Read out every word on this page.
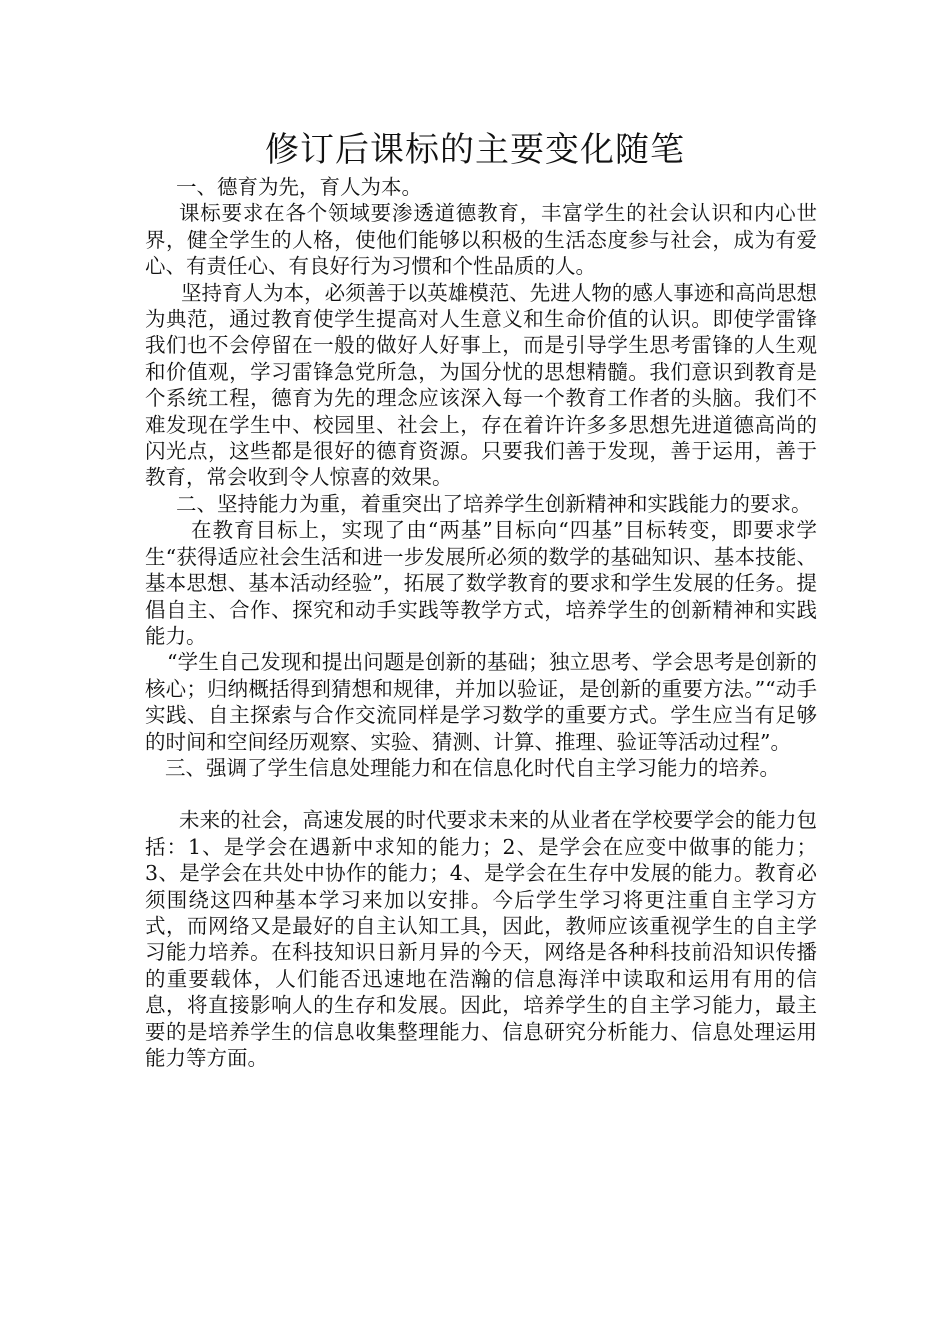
修订后课标的主要变化随笔

一、德育为先，育人为本。

课标要求在各个领域要渗透道德教育，丰富学生的社会认识和内心世界，健全学生的人格，使他们能够以积极的生活态度参与社会，成为有爱心、有责任心、有良好行为习惯和个性品质的人。

坚持育人为本，必须善于以英雄模范、先进人物的感人事迹和高尚思想为典范，通过教育使学生提高对人生意义和生命价值的认识。即使学雷锋我们也不会停留在一般的做好人好事上，而是引导学生思考雷锋的人生观和价值观，学习雷锋急党所急，为国分忧的思想精髓。我们意识到教育是个系统工程，德育为先的理念应该深入每一个教育工作者的头脑。我们不难发现在学生中、校园里、社会上，存在着许许多多思想先进道德高尚的闪光点，这些都是很好的德育资源。只要我们善于发现，善于运用，善于教育，常会收到令人惊喜的效果。

二、坚持能力为重，着重突出了培养学生创新精神和实践能力的要求。

在教育目标上，实现了由“两基”目标向“四基”目标转变，即要求学生“获得适应社会生活和进一步发展所必须的数学的基础知识、基本技能、基本思想、基本活动经验”，拓展了数学教育的要求和学生发展的任务。提倡自主、合作、探究和动手实践等教学方式，培养学生的创新精神和实践能力。

“学生自己发现和提出问题是创新的基础；独立思考、学会思考是创新的核心；归纳概括得到猜想和规律，并加以验证，是创新的重要方法。”“动手实践、自主探索与合作交流同样是学习数学的重要方式。学生应当有足够的时间和空间经历观察、实验、猜测、计算、推理、验证等活动过程”。

三、强调了学生信息处理能力和在信息化时代自主学习能力的培养。

未来的社会，高速发展的时代要求未来的从业者在学校要学会的能力包括：1、是学会在遇新中求知的能力；2、是学会在应变中做事的能力；3、是学会在共处中协作的能力；4、是学会在生存中发展的能力。教育必须围绕这四种基本学习来加以安排。今后学生学习将更注重自主学习方式，而网络又是最好的自主认知工具，因此，教师应该重视学生的自主学习能力培养。在科技知识日新月异的今天，网络是各种科技前沿知识传播的重要载体，人们能否迅速地在浩瀚的信息海洋中读取和运用有用的信息，将直接影响人的生存和发展。因此，培养学生的自主学习能力，最主要的是培养学生的信息收集整理能力、信息研究分析能力、信息处理运用能力等方面。
